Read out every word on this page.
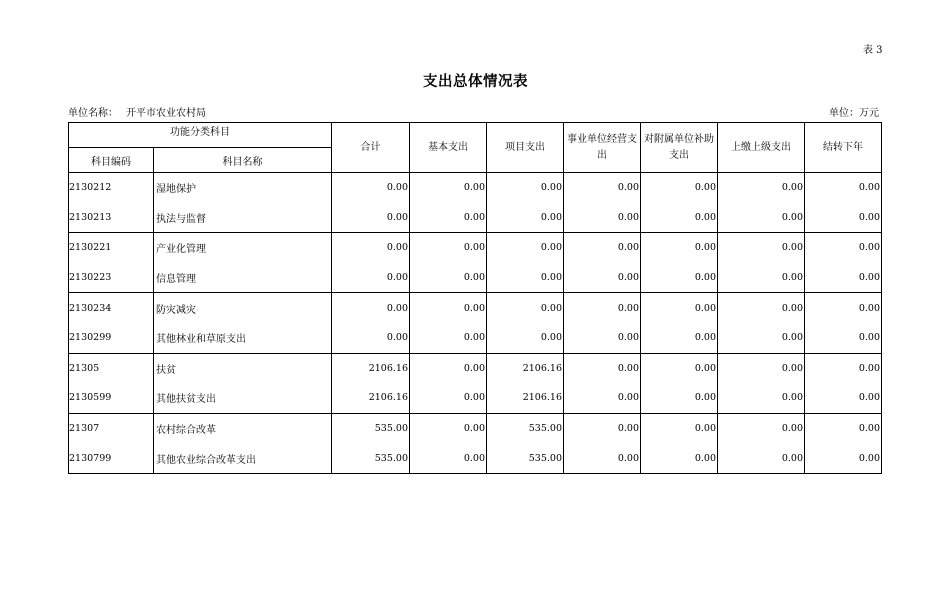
表 3
支出总体情况表
单位名称： 开平市农业农村局	单位：万元
功能分类科目		合计	基本支出	项目支出	事业单位经营支
出	对附属单位补助
支出	上缴上级支出	结转下年
科目编码	科目名称							
2130212	湿地保护	0.00	0.00	0.00	0.00	0.00	0.00	0.00
2130213	执法与监督	0.00	0.00	0.00	0.00	0.00	0.00	0.00
2130221	产业化管理	0.00	0.00	0.00	0.00	0.00	0.00	0.00
2130223	信息管理	0.00	0.00	0.00	0.00	0.00	0.00	0.00
2130234	防灾减灾	0.00	0.00	0.00	0.00	0.00	0.00	0.00
2130299	其他林业和草原支出	0.00	0.00	0.00	0.00	0.00	0.00	0.00
21305	扶贫	2106.16	0.00	2106.16	0.00	0.00	0.00	0.00
2130599	其他扶贫支出	2106.16	0.00	2106.16	0.00	0.00	0.00	0.00
21307	农村综合改革	535.00	0.00	535.00	0.00	0.00	0.00	0.00
2130799	其他农业综合改革支出	535.00	0.00	535.00	0.00	0.00	0.00	0.00
